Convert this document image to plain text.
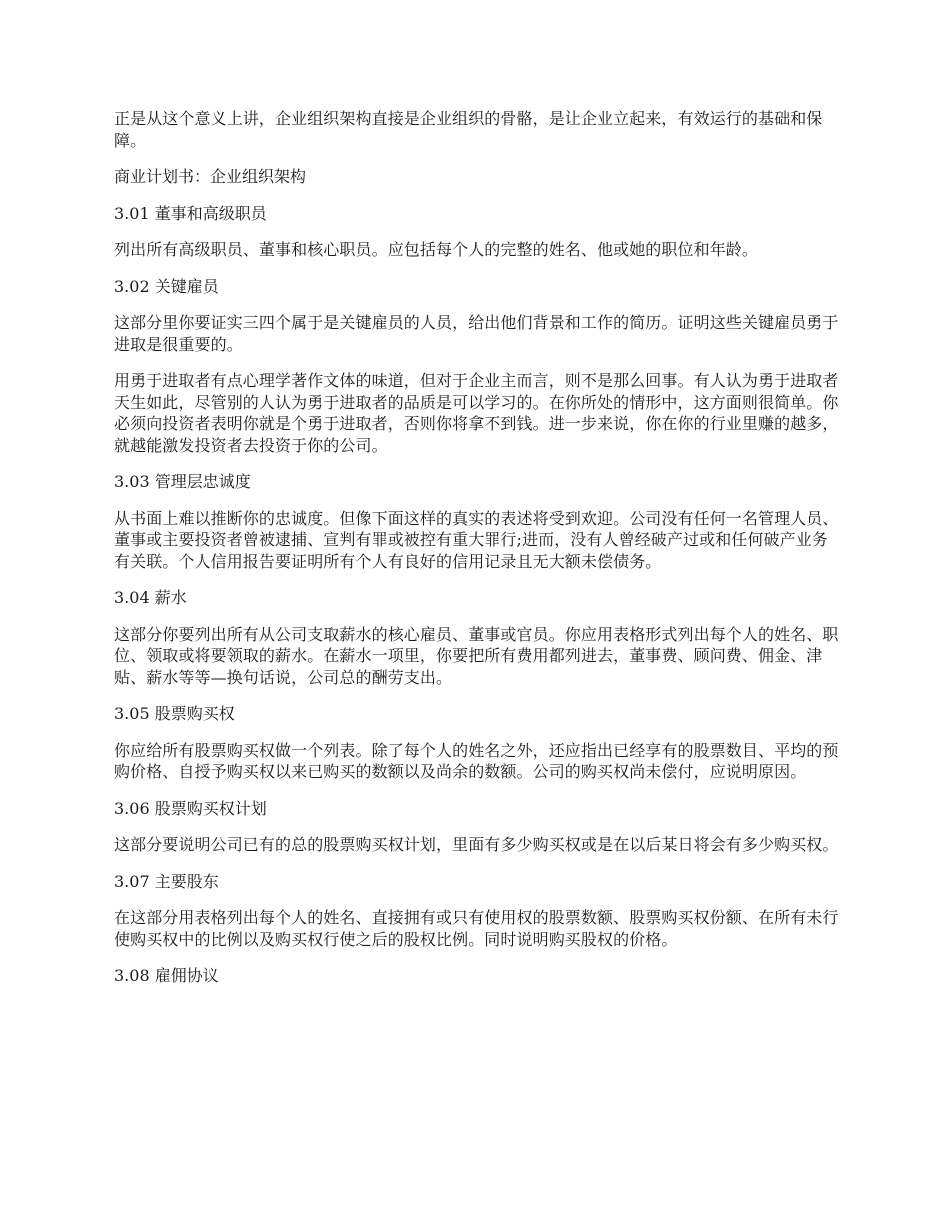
正是从这个意义上讲，企业组织架构直接是企业组织的骨骼，是让企业立起来，有效运行的基础和保障。

商业计划书：企业组织架构

3.01 董事和高级职员

列出所有高级职员、董事和核心职员。应包括每个人的完整的姓名、他或她的职位和年龄。

3.02 关键雇员

这部分里你要证实三四个属于是关键雇员的人员，给出他们背景和工作的简历。证明这些关键雇员勇于进取是很重要的。

用勇于进取者有点心理学著作文体的味道，但对于企业主而言，则不是那么回事。有人认为勇于进取者天生如此，尽管别的人认为勇于进取者的品质是可以学习的。在你所处的情形中，这方面则很简单。你必须向投资者表明你就是个勇于进取者，否则你将拿不到钱。进一步来说，你在你的行业里赚的越多，就越能激发投资者去投资于你的公司。

3.03 管理层忠诚度

从书面上难以推断你的忠诚度。但像下面这样的真实的表述将受到欢迎。公司没有任何一名管理人员、董事或主要投资者曾被逮捕、宣判有罪或被控有重大罪行;进而，没有人曾经破产过或和任何破产业务有关联。个人信用报告要证明所有个人有良好的信用记录且无大额未偿债务。

3.04 薪水

这部分你要列出所有从公司支取薪水的核心雇员、董事或官员。你应用表格形式列出每个人的姓名、职位、领取或将要领取的薪水。在薪水一项里，你要把所有费用都列进去，董事费、顾问费、佣金、津贴、薪水等等—换句话说，公司总的酬劳支出。

3.05 股票购买权

你应给所有股票购买权做一个列表。除了每个人的姓名之外，还应指出已经享有的股票数目、平均的预购价格、自授予购买权以来已购买的数额以及尚余的数额。公司的购买权尚未偿付，应说明原因。

3.06 股票购买权计划

这部分要说明公司已有的总的股票购买权计划，里面有多少购买权或是在以后某日将会有多少购买权。

3.07 主要股东

在这部分用表格列出每个人的姓名、直接拥有或只有使用权的股票数额、股票购买权份额、在所有未行使购买权中的比例以及购买权行使之后的股权比例。同时说明购买股权的价格。

3.08 雇佣协议
